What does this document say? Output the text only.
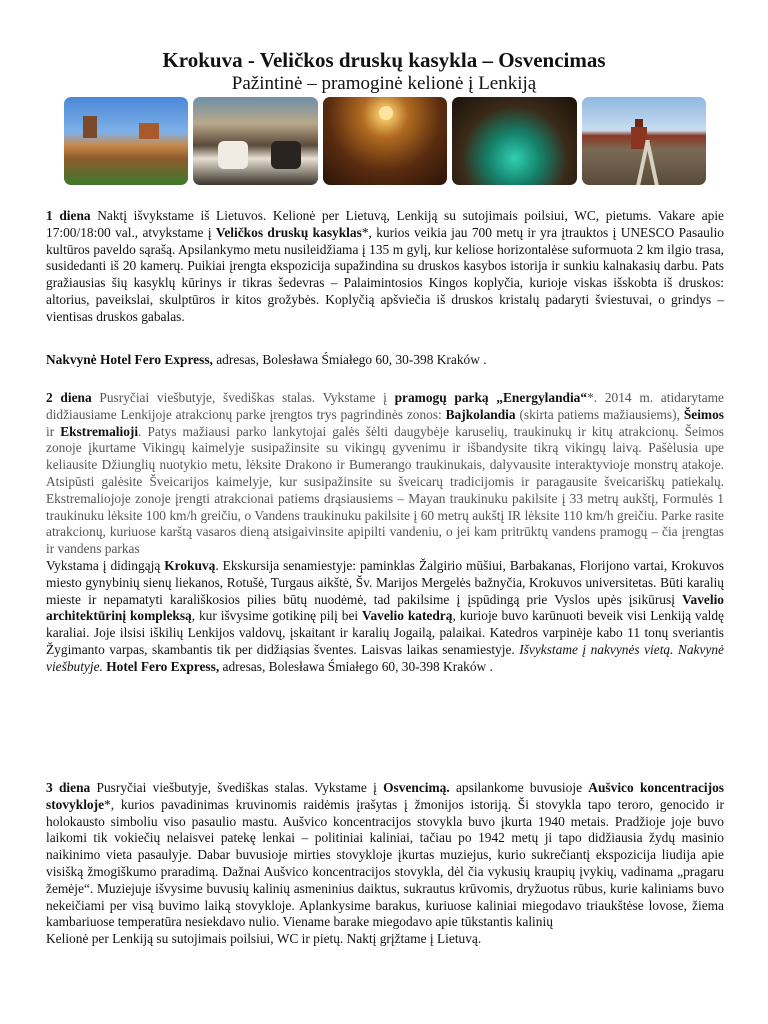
Krokuva - Veličkos druskų kasykla – Osvencimas
Pažintinė – pramoginė kelionė į Lenkiją

1 diena Naktį išvykstame iš Lietuvos. Kelionė per Lietuvą, Lenkiją su sutojimais poilsiui, WC, pietums. Vakare apie 17:00/18:00 val., atvykstame į Veličkos druskų kasyklas*, kurios veikia jau 700 metų ir yra įtrauktos į UNESCO Pasaulio kultūros paveldo sąrašą. Apsilankymo metu nusileidžiama į 135 m gylį, kur keliose horizontalėse suformuota 2 km ilgio trasa, susidedanti iš 20 kamerų. Puikiai įrengta ekspozicija supažindina su druskos kasybos istorija ir sunkiu kalnakasių darbu. Pats gražiausias šių kasyklų kūrinys ir tikras šedevras – Palaimintosios Kingos koplyčia, kurioje viskas išskobta iš druskos: altorius, paveikslai, skulptūros ir kitos grožybės. Koplyčią apšviečia iš druskos kristalų padaryti šviestuvai, o grindys – vientisas druskos gabalas.

Nakvynė Hotel Fero Express, adresas, Bolesława Śmiałego 60, 30-398 Kraków .

2 diena Pusryčiai viešbutyje, švediškas stalas. Vykstame į pramogų parką „Energylandia“*. 2014 m. atidarytame didžiausiame Lenkijoje atrakcionų parke įrengtos trys pagrindinės zonos: Bajkolandia (skirta patiems mažiausiems), Šeimos ir Ekstremalioji. Patys mažiausi parko lankytojai galės šėlti daugybėje karuselių, traukinukų ir kitų atrakcionų. Šeimos zonoje įkurtame Vikingų kaimelyje susipažinsite su vikingų gyvenimu ir išbandysite tikrą vikingų laivą. Pašėlusia upe keliausite Džiunglių nuotykio metu, lėksite Drakono ir Bumerango traukinukais, dalyvausite interaktyvioje monstrų atakoje. Atsipūsti galėsite Šveicarijos kaimelyje, kur susipažinsite su šveicarų tradicijomis ir paragausite šveicariškų patiekalų. Ekstremaliojoje zonoje įrengti atrakcionai patiems drąsiausiems – Mayan traukinuku pakilsite į 33 metrų aukštį, Formulės 1 traukinuku lėksite 100 km/h greičiu, o Vandens traukinuku pakilsite į 60 metrų aukštį IR lėksite 110 km/h greičiu. Parke rasite atrakcionų, kuriuose karštą vasaros dieną atsigaivinsite apipilti vandeniu, o jei kam pritrūktų vandens pramogų – čia įrengtas ir vandens parkas

Vykstama į didingąją Krokuvą. Ekskursija senamiestyje: paminklas Žalgirio mūšiui, Barbakanas, Florijono vartai, Krokuvos miesto gynybinių sienų liekanos, Rotušė, Turgaus aikštė, Šv. Marijos Mergelės bažnyčia, Krokuvos universitetas. Būti karalių mieste ir nepamatyti karališkosios pilies būtų nuodėmė, tad pakilsime į įspūdingą prie Vyslos upės įsikūrusį Vavelio architektūrinį kompleksą, kur išvysime gotikinę pilį bei Vavelio katedrą, kurioje buvo karūnuoti beveik visi Lenkiją valdę karaliai. Joje ilsisi iškilių Lenkijos valdovų, įskaitant ir karalių Jogailą, palaikai. Katedros varpinėje kabo 11 tonų sveriantis Žygimanto varpas, skambantis tik per didžiąsias šventes. Laisvas laikas senamiestyje. Išvykstame į nakvynės vietą. Nakvynė viešbutyje. Hotel Fero Express, adresas, Bolesława Śmiałego 60, 30-398 Kraków .

3 diena Pusryčiai viešbutyje, švediškas stalas. Vykstame į Osvencimą. apsilankome buvusioje Aušvico koncentracijos stovykloje*, kurios pavadinimas kruvinomis raidėmis įrašytas į žmonijos istoriją. Ši stovykla tapo teroro, genocido ir holokausto simboliu viso pasaulio mastu. Aušvico koncentracijos stovykla buvo įkurta 1940 metais. Pradžioje joje buvo laikomi tik vokiečių nelaisvei patekę lenkai – politiniai kaliniai, tačiau po 1942 metų ji tapo didžiausia žydų masinio naikinimo vieta pasaulyje. Dabar buvusioje mirties stovykloje įkurtas muziejus, kurio sukrečiantį ekspozicija liudija apie visišką žmogiškumo praradimą. Dažnai Aušvico koncentracijos stovykla, dėl čia vykusių kraupių įvykių, vadinama „pragaru žemėje“. Muziejuje išvysime buvusių kalinių asmeninius daiktus, sukrautus krūvomis, dryžuotus rūbus, kurie kaliniams buvo nekeičiami per visą buvimo laiką stovykloje. Aplankysime barakus, kuriuose kaliniai miegodavo triaukštėse lovose, žiema kambariuose temperatūra nesiekdavo nulio. Viename barake miegodavo apie tūkstantis kalinių

Kelionė per Lenkiją su sutojimais poilsiui, WC ir pietų. Naktį grįžtame į Lietuvą.
